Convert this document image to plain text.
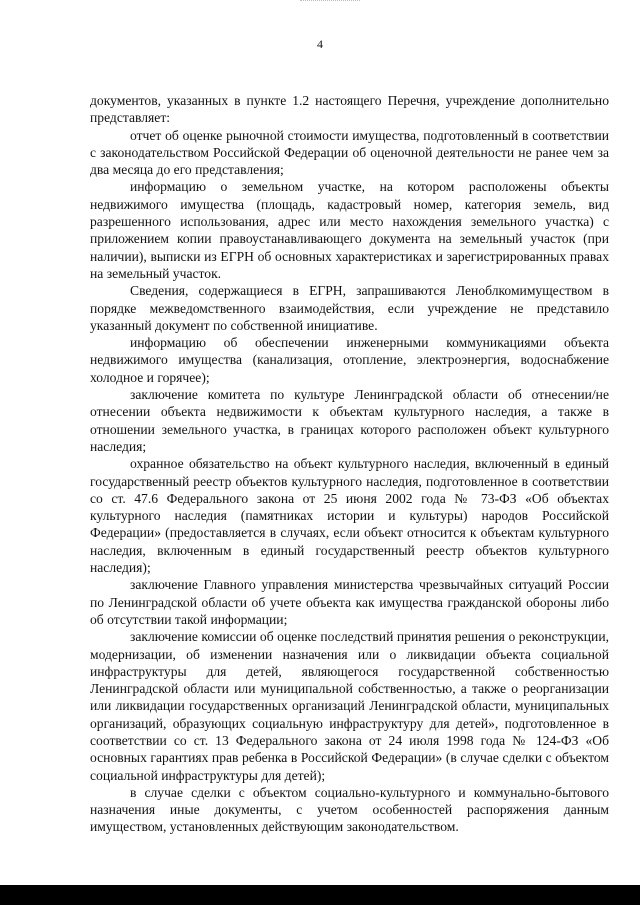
4

документов, указанных в пункте 1.2 настоящего Перечня, учреждение дополнительно представляет:

отчет об оценке рыночной стоимости имущества, подготовленный в соответствии с законодательством Российской Федерации об оценочной деятельности не ранее чем за два месяца до его представления;

информацию о земельном участке, на котором расположены объекты недвижимого имущества (площадь, кадастровый номер, категория земель, вид разрешенного использования, адрес или место нахождения земельного участка) с приложением копии правоустанавливающего документа на земельный участок (при наличии), выписки из ЕГРН об основных характеристиках и зарегистрированных правах на земельный участок.

Сведения, содержащиеся в ЕГРН, запрашиваются Леноблкомимуществом в порядке межведомственного взаимодействия, если учреждение не представило указанный документ по собственной инициативе.

информацию об обеспечении инженерными коммуникациями объекта недвижимого имущества (канализация, отопление, электроэнергия, водоснабжение холодное и горячее);

заключение комитета по культуре Ленинградской области об отнесении/не отнесении объекта недвижимости к объектам культурного наследия, а также в отношении земельного участка, в границах которого расположен объект культурного наследия;

охранное обязательство на объект культурного наследия, включенный в единый государственный реестр объектов культурного наследия, подготовленное в соответствии со ст. 47.6 Федерального закона от 25 июня 2002 года № 73-ФЗ «Об объектах культурного наследия (памятниках истории и культуры) народов Российской Федерации» (предоставляется в случаях, если объект относится к объектам культурного наследия, включенным в единый государственный реестр объектов культурного наследия);

заключение Главного управления министерства чрезвычайных ситуаций России по Ленинградской области об учете объекта как имущества гражданской обороны либо об отсутствии такой информации;

заключение комиссии об оценке последствий принятия решения о реконструкции, модернизации, об изменении назначения или о ликвидации объекта социальной инфраструктуры для детей, являющегося государственной собственностью Ленинградской области или муниципальной собственностью, а также о реорганизации или ликвидации государственных организаций Ленинградской области, муниципальных организаций, образующих социальную инфраструктуру для детей», подготовленное в соответствии со ст. 13 Федерального закона от 24 июля 1998 года № 124-ФЗ «Об основных гарантиях прав ребенка в Российской Федерации» (в случае сделки с объектом социальной инфраструктуры для детей);

в случае сделки с объектом социально-культурного и коммунально-бытового назначения иные документы, с учетом особенностей распоряжения данным имуществом, установленных действующим законодательством.
